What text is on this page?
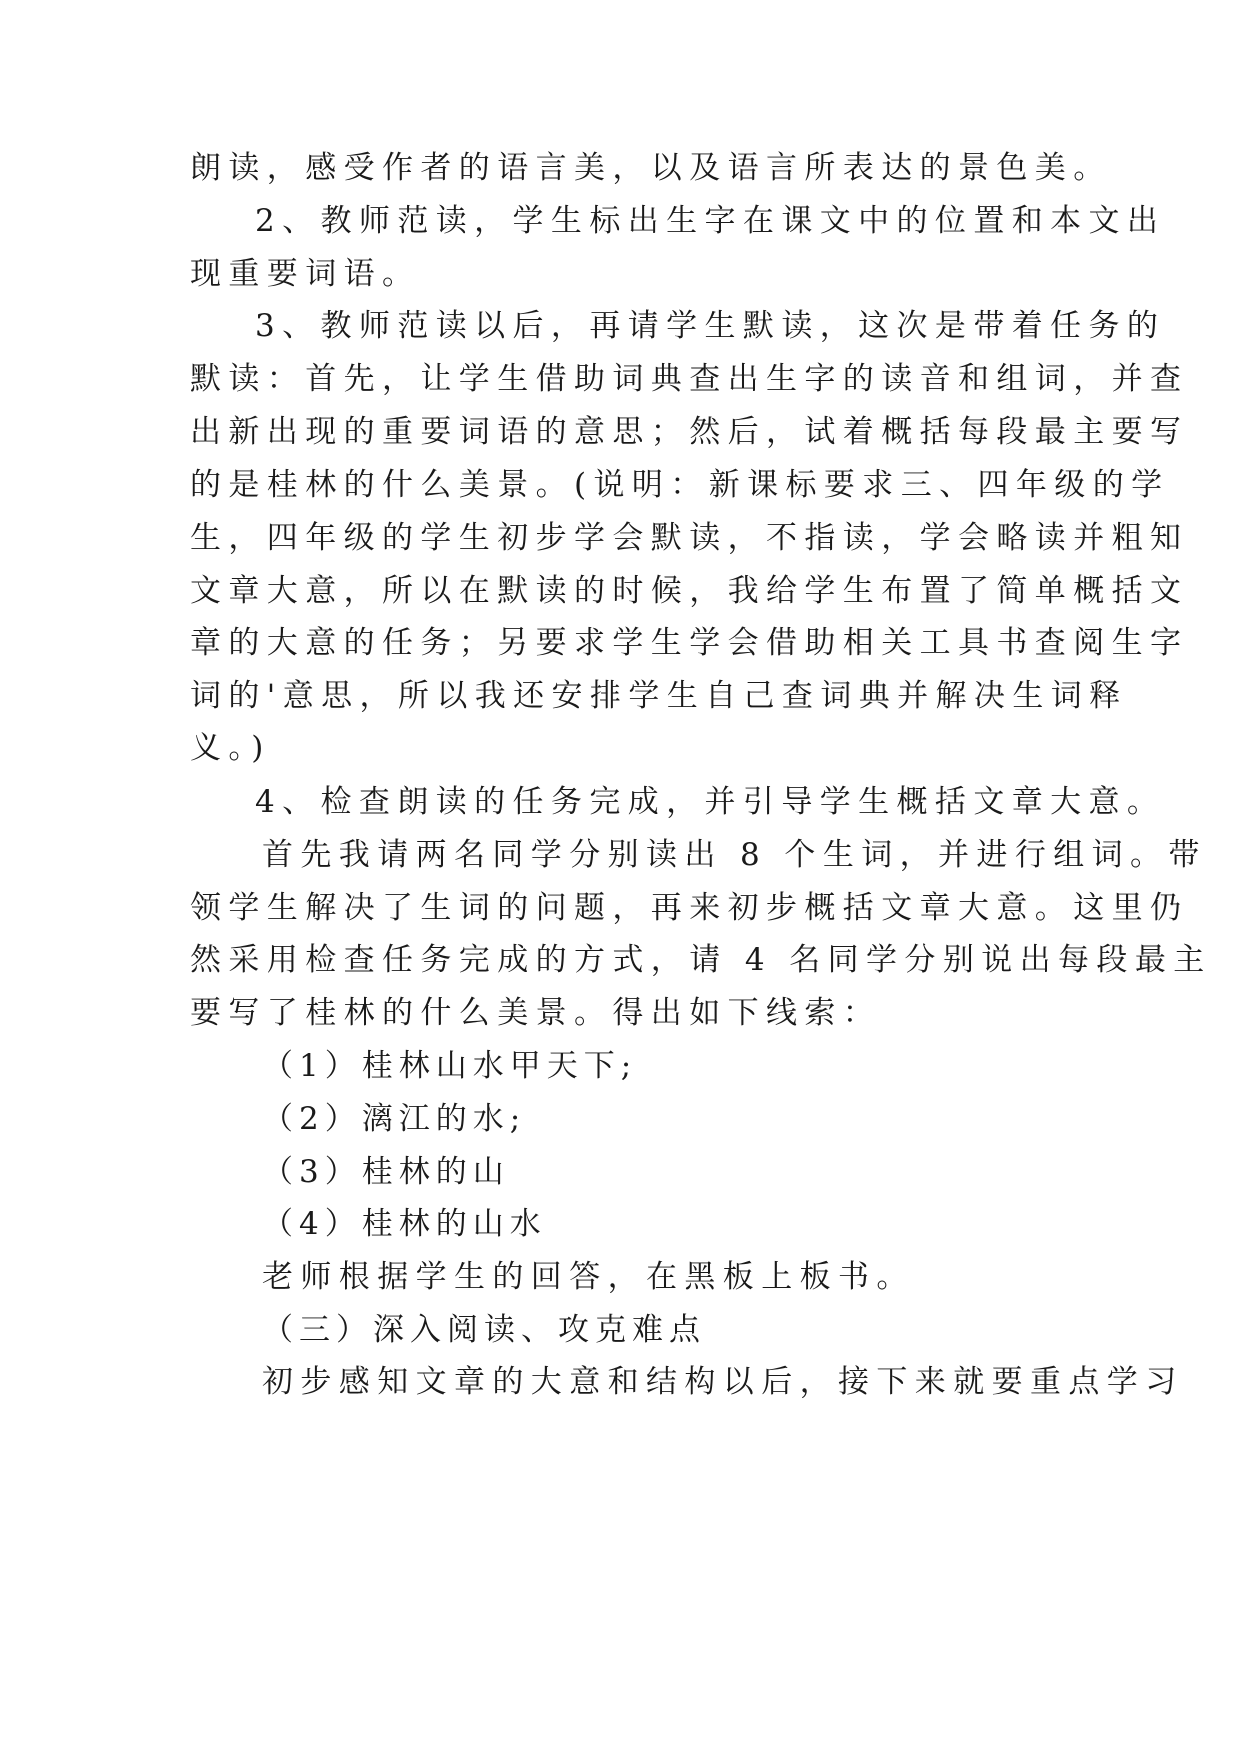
朗读，感受作者的语言美，以及语言所表达的景色美。
2、教师范读，学生标出生字在课文中的位置和本文出
现重要词语。
3、教师范读以后，再请学生默读，这次是带着任务的
默读：首先，让学生借助词典查出生字的读音和组词，并查
出新出现的重要词语的意思；然后，试着概括每段最主要写
的是桂林的什么美景。(说明：新课标要求三、四年级的学
生，四年级的学生初步学会默读，不指读，学会略读并粗知
文章大意，所以在默读的时候，我给学生布置了简单概括文
章的大意的任务；另要求学生学会借助相关工具书查阅生字
词的'意思，所以我还安排学生自己查词典并解决生词释
义。)
4、检查朗读的任务完成，并引导学生概括文章大意。
首先我请两名同学分别读出 8 个生词，并进行组词。带
领学生解决了生词的问题，再来初步概括文章大意。这里仍
然采用检查任务完成的方式，请 4 名同学分别说出每段最主
要写了桂林的什么美景。得出如下线索：
（1）桂林山水甲天下;
（2）漓江的水;
（3）桂林的山
（4）桂林的山水
老师根据学生的回答，在黑板上板书。
（三）深入阅读、攻克难点
初步感知文章的大意和结构以后，接下来就要重点学习
